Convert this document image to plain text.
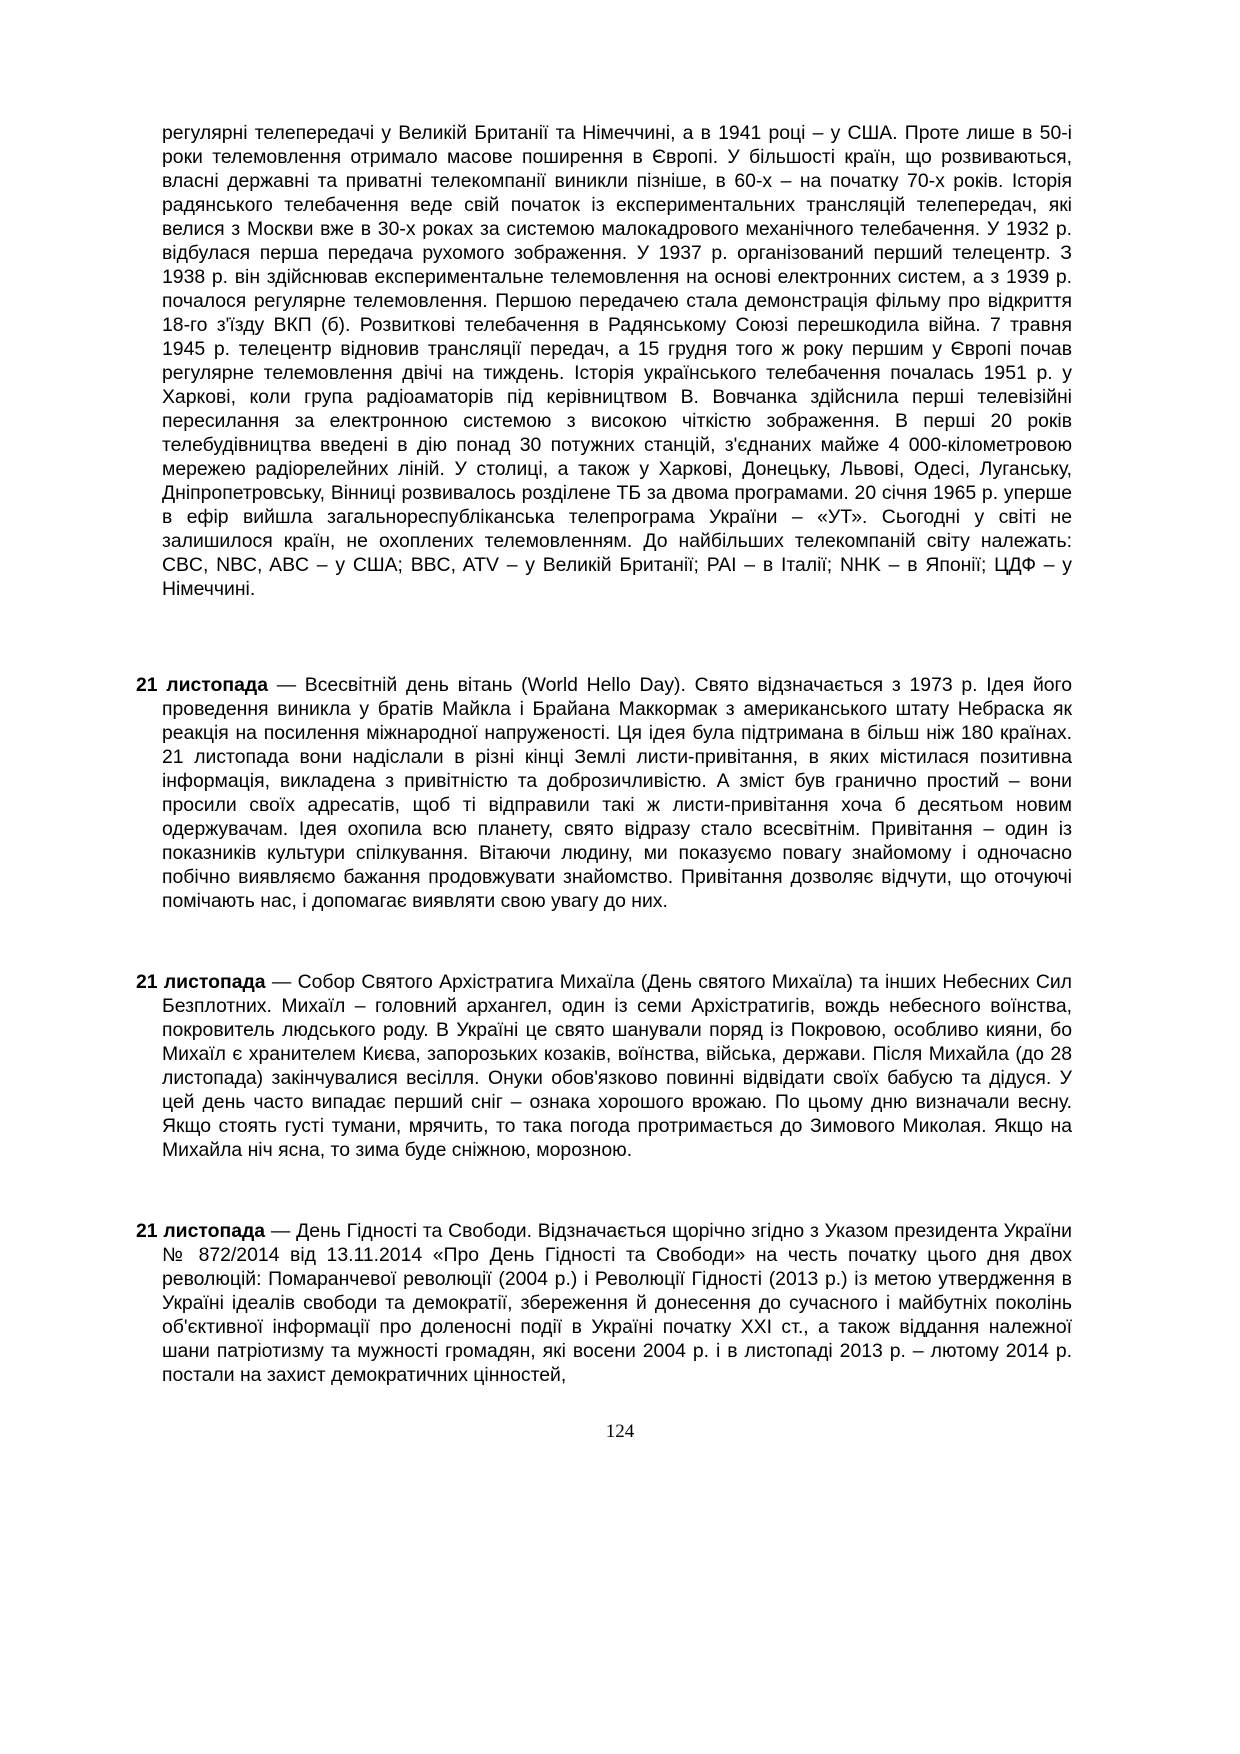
регулярні телепередачі у Великій Британії та Німеччині, а в 1941 році – у США. Проте лише в 50-і роки телемовлення отримало масове поширення в Європі. У більшості країн, що розвиваються, власні державні та приватні телекомпанії виникли пізніше, в 60-х – на початку 70-х років. Історія радянського телебачення веде свій початок із експериментальних трансляцій телепередач, які велися з Москви вже в 30-х роках за системою малокадрового механічного телебачення. У 1932 р. відбулася перша передача рухомого зображення. У 1937 р. організований перший телецентр. З 1938 р. він здійснював експериментальне телемовлення на основі електронних систем, а з 1939 р. почалося регулярне телемовлення. Першою передачею стала демонстрація фільму про відкриття 18-го з'їзду ВКП (б). Розвиткові телебачення в Радянському Союзі перешкодила війна. 7 травня 1945 р. телецентр відновив трансляції передач, а 15 грудня того ж року першим у Європі почав регулярне телемовлення двічі на тиждень. Історія українського телебачення почалась 1951 р. у Харкові, коли група радіоаматорів під керівництвом В. Вовчанка здійснила перші телевізійні пересилання за електронною системою з високою чіткістю зображення. В перші 20 років телебудівництва введені в дію понад 30 потужних станцій, з'єднаних майже 4 000-кілометровою мережею радіорелейних ліній. У столиці, а також у Харкові, Донецьку, Львові, Одесі, Луганську, Дніпропетровську, Вінниці розвивалось розділене ТБ за двома програмами. 20 січня 1965 р. уперше в ефір вийшла загальнореспубліканська телепрограма України – «УТ». Сьогодні у світі не залишилося країн, не охоплених телемовленням. До найбільших телекомпаній світу належать: CBC, NBC, ABC – у США; BBC, ATV – у Великій Британії; PAI – в Італії; NHK – в Японії; ЦДФ – у Німеччині.

21 листопада — Всесвітній день вітань (World Hello Day). Свято відзначається з 1973 р. Ідея його проведення виникла у братів Майкла і Брайана Маккормак з американського штату Небраска як реакція на посилення міжнародної напруженості. Ця ідея була підтримана в більш ніж 180 країнах. 21 листопада вони надіслали в різні кінці Землі листи-привітання, в яких містилася позитивна інформація, викладена з привітністю та доброзичливістю. А зміст був гранично простий – вони просили своїх адресатів, щоб ті відправили такі ж листи-привітання хоча б десятьом новим одержувачам. Ідея охопила всю планету, свято відразу стало всесвітнім. Привітання – один із показників культури спілкування. Вітаючи людину, ми показуємо повагу знайомому і одночасно побічно виявляємо бажання продовжувати знайомство. Привітання дозволяє відчути, що оточуючі помічають нас, і допомагає виявляти свою увагу до них.

21 листопада — Собор Святого Архістратига Михаїла (День святого Михаїла) та інших Небесних Сил Безплотних. Михаїл – головний архангел, один із семи Архістратигів, вождь небесного воїнства, покровитель людського роду. В Україні це свято шанували поряд із Покровою, особливо кияни, бо Михаїл є хранителем Києва, запорозьких козаків, воїнства, війська, держави. Після Михайла (до 28 листопада) закінчувалися весілля. Онуки обов'язково повинні відвідати своїх бабусю та дідуся. У цей день часто випадає перший сніг – ознака хорошого врожаю. По цьому дню визначали весну. Якщо стоять густі тумани, мрячить, то така погода протримається до Зимового Миколая. Якщо на Михайла ніч ясна, то зима буде сніжною, морозною.

21 листопада — День Гідності та Свободи. Відзначається щорічно згідно з Указом президента України № 872/2014 від 13.11.2014 «Про День Гідності та Свободи» на честь початку цього дня двох революцій: Помаранчевої революції (2004 р.) і Революції Гідності (2013 р.) із метою утвердження в Україні ідеалів свободи та демократії, збереження й донесення до сучасного і майбутніх поколінь об'єктивної інформації про доленосні події в Україні початку XXI ст., а також віддання належної шани патріотизму та мужності громадян, які восени 2004 р. і в листопаді 2013 р. – лютому 2014 р. постали на захист демократичних цінностей,

124
